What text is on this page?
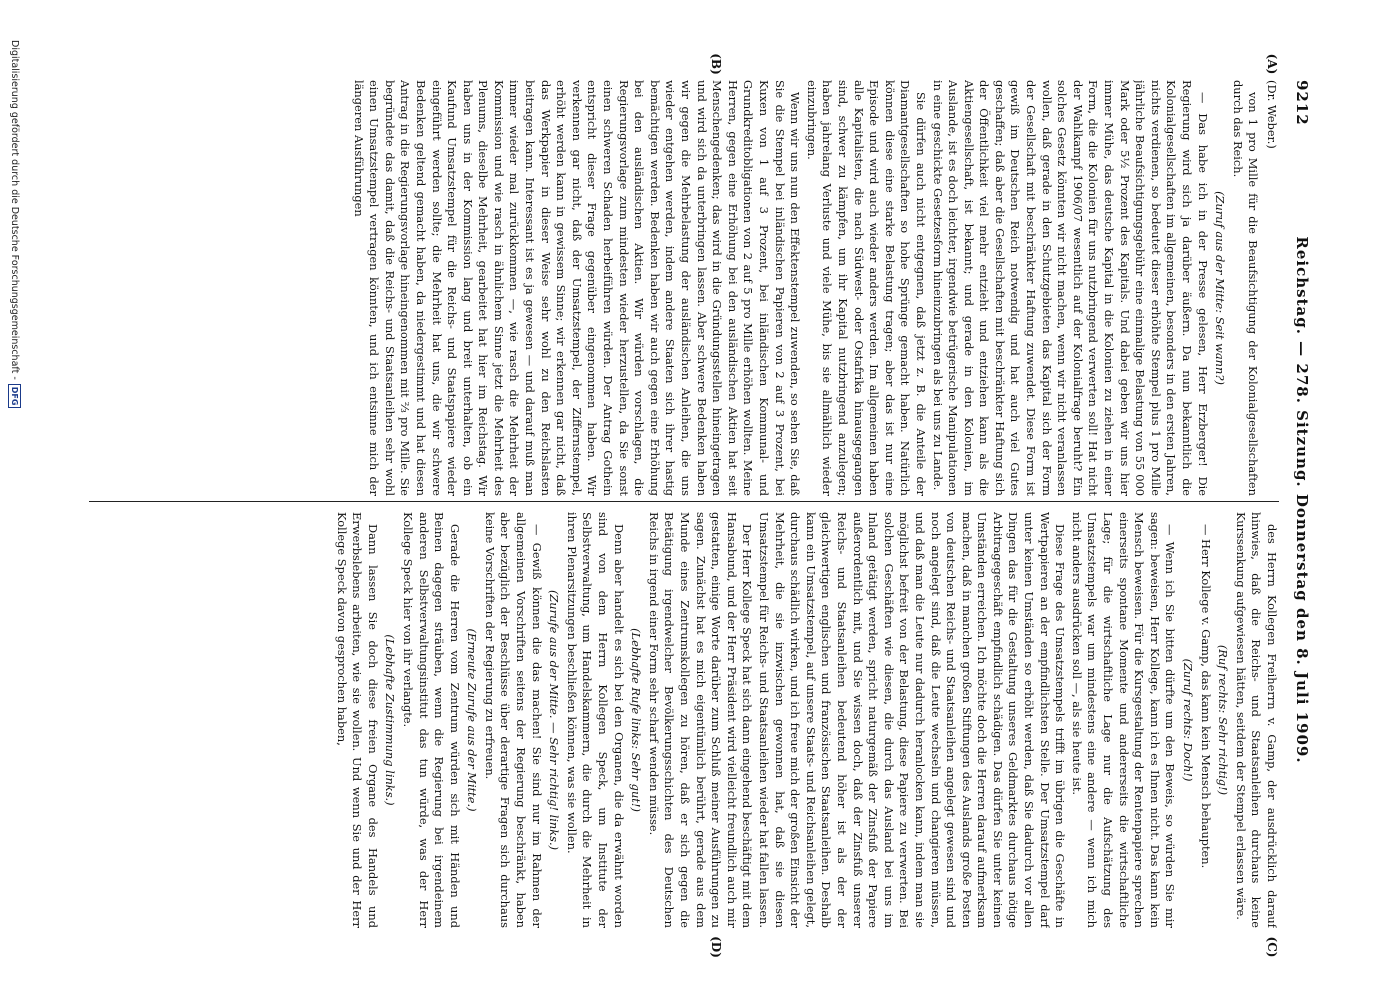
9212
Reichstag. — 278. Sitzung. Donnerstag den 8. Juli 1909.
(A)
(B)
(C)
(D)

(Dr. Weber.)

von 1 pro Mille für die Beaufsichtigung der Kolonialgesellschaften durch das Reich.

(Zuruf aus der Mitte: Seit wann?)

— Das habe ich in der Presse gelesen, Herr Erzberger! Die Regierung wird sich ja darüber äußern. Da nun bekanntlich die Kolonialgesellschaften im allgemeinen, besonders in den ersten Jahren, nichts verdienen, so bedeutet dieser erhöhte Stempel plus 1 pro Mille jährliche Beaufsichtigungsgebühr eine einmalige Belastung von 55 000 Mark oder 5½ Prozent des Kapitals. Und dabei geben wir uns hier immer Mühe, das deutsche Kapital in die Kolonien zu ziehen in einer Form, die die Kolonien für uns nutzbringend verwerten soll! Hat nicht der Wahlkampf 1906/07 wesentlich auf der Kolonialfrage beruht? Ein solches Gesetz könnten wir nicht machen, wenn wir nicht veranlassen wollen, daß gerade in den Schutzgebieten das Kapital sich der Form der Gesellschaft mit beschränkter Haftung zuwendet. Diese Form ist gewiß im Deutschen Reich notwendig und hat auch viel Gutes geschaffen; daß aber die Gesellschaften mit beschränkter Haftung sich der Öffentlichkeit viel mehr entzieht und entziehen kann als die Aktiengesellschaft, ist bekannt; und gerade in den Kolonien, im Auslande, ist es doch leichter, irgendwie betrügerische Manipulationen in eine geschickte Gesetzesform hineinzubringen als bei uns zu Lande.

Sie dürfen auch nicht entgegnen, daß jetzt z. B. die Anteile der Diamantgesellschaften so hohe Sprünge gemacht haben. Natürlich können diese eine starke Belastung tragen; aber das ist nur eine Episode und wird auch wieder anders werden. Im allgemeinen haben alle Kapitalisten, die nach Südwest- oder Ostafrika hinausgegangen sind, schwer zu kämpfen, um ihr Kapital nutzbringend anzulegen; haben jahrelang Verluste und viele Mühe, bis sie allmählich wieder einzubringen.

Wenn wir uns nun den Effektenstempel zuwenden, so sehen Sie, daß Sie die Stempel bei inländischen Papieren von 2 auf 3 Prozent, bei Kuxen von 1 auf 3 Prozent, bei inländischen Kommunal- und Grundkreditobligationen von 2 auf 5 pro Mille erhöhen wollten. Meine Herren, gegen eine Erhöhung bei den ausländischen Aktien hat seit Menschengedenken; das wird in die Gründungsstellen hineingetragen und wird sich da unterbringen lassen. Aber schwere Bedenken haben wir gegen die Mehrbelastung der ausländischen Anleihen, die uns wieder entgehen werden, indem andere Staaten sich ihrer hastig bemächtigen werden. Bedenken haben wir auch gegen eine Erhöhung bei den ausländischen Aktien. Wir würden vorschlagen, die Regierungsvorlage zum mindesten wieder herzustellen, da Sie sonst einen schweren Schaden herbeiführen würden. Der Antrag Gothein entspricht dieser Frage gegenüber eingenommen haben. Wir verkennen gar nicht, daß der Umsatzstempel, der Ziffernstempel, erhöht werden kann in gewissem Sinne; wir erkennen gar nicht, daß das Werkpapier in dieser Weise sehr wohl zu den Reichslasten beitragen kann. Interessant ist es ja gewesen — und darauf muß man immer wieder mal zurückkommen —, wie rasch die Mehrheit der Kommission und wie rasch in ähnlichem Sinne jetzt die Mehrheit des Plenums, dieselbe Mehrheit, gearbeitet hat hier im Reichstag. Wir haben uns in der Kommission lang und breit unterhalten, ob ein Kaufund Umsatzstempel für die Reichs- und Staatspapiere wieder eingeführt werden sollte; die Mehrheit hat uns, die wir schwere Bedenken geltend gemacht haben, da niedergestimmt und hat diesen Antrag in die Regierungsvorlage hineingenommen mit ⅔ pro Mille. Sie begründete das damit, daß die Reichs- und Staatsanleihen sehr wohl einen Umsatzstempel vertragen könnten, und ich entsinne mich der längeren Ausführungen

des Herrn Kollegen Freiherrn v. Gamp, der ausdrücklich darauf hinwies, daß die Reichs- und Staatsanleihen durchaus keine Kurssenkung aufgewiesen hätten, seitdem der Stempel erlassen wäre.

(Ruf rechts: Sehr richtig!)

— Herr Kollege v. Gamp, das kann kein Mensch behaupten.

(Zuruf rechts: Doch!)

— Wenn ich Sie bitten dürfte um den Beweis, so würden Sie mir sagen: beweisen, Herr Kollege, kann ich es Ihnen nicht. Das kann kein Mensch beweisen. Für die Kursgestaltung der Rentenpapiere sprechen einerseits spontane Momente und andererseits die wirtschaftliche Lage; für die wirtschaftliche Lage nur die Aufschätzung des Umsatzstempels war um mindestens eine andere — wenn ich mich nicht anders ausdrücken soll —, als sie heute ist.

Diese Frage des Umsatzstempels trifft im übrigen die Geschäfte in Wertpapieren an der empfindlichsten Stelle. Der Umsatzstempel darf unter keinen Umständen so erhöht werden, daß Sie dadurch vor allen Dingen das für die Gestaltung unseres Geldmarktes durchaus nötige Arbitragegeschäft empfindlich schädigen. Das dürfen Sie unter keinen Umständen erreichen. Ich möchte doch die Herren darauf aufmerksam machen, daß in manchen großen Stiftungen des Auslands große Posten von deutschen Reichs- und Staatsanleihen angelegt gewesen sind und noch angelegt sind, daß die Leute wechseln und changieren müssen, und daß man die Leute nur dadurch heranlocken kann, indem man sie möglichst befreit von der Belastung, diese Papiere zu verwerten. Bei solchen Geschäften wie diesen, die durch das Ausland bei uns im Inland getätigt werden, spricht naturgemäß der Zinsfuß der Papiere außerordentlich mit, und Sie wissen doch, daß der Zinsfuß unserer Reichs- und Staatsanleihen bedeutend höher ist als der der gleichwertigen englischen und französischen Staatsanleihen. Deshalb kann ein Umsatzstempel, auf unsere Staats- und Reichsanleihen gelegt, durchaus schädlich wirken, und ich freue mich der großen Einsicht der Mehrheit, die sie inzwischen gewonnen hat, daß sie diesen Umsatzstempel für Reichs- und Staatsanleihen wieder hat fallen lassen.

Der Herr Kollege Speck hat sich dann eingehend beschäftigt mit dem Hansabund, und der Herr Präsident wird vielleicht freundlich auch mir gestatten, einige Worte darüber zum Schluß meiner Ausführungen zu sagen. Zunächst hat es mich eigentümlich berührt, gerade aus dem Munde eines Zentrumskollegen zu hören, daß er sich gegen die Betätigung irgendwelcher Bevölkerungsschichten des Deutschen Reichs in irgend einer Form sehr scharf wenden müsse.

(Lebhafte Rufe links: Sehr gut!)

Denn aber handelt es sich bei den Organen, die da erwähnt worden sind von dem Herrn Kollegen Speck, um Institute der Selbstverwaltung, um Handelskammern, die durch die Mehrheit in ihren Plenarsitzungen beschließen können, was sie wollen.

(Zurufe aus der Mitte. — Sehr richtig! links.)

— Gewiß können die das machen! Sie sind nur im Rahmen der allgemeinen Vorschriften seitens der Regierung beschränkt, haben aber bezüglich der Beschlüsse über derartige Fragen sich durchaus keine Vorschriften der Regierung zu erfreuen.

(Erneute Zurufe aus der Mitte.)

Gerade die Herren vom Zentrum würden sich mit Händen und Beinen dagegen sträuben, wenn die Regierung bei irgendeinem anderen Selbstverwaltungsinstitut das tun würde, was der Herr Kollege Speck hier von ihr verlangte.

(Lebhafte Zustimmung links.)

Dann lassen Sie doch diese freien Organe des Handels und Erwerbslebens arbeiten, wie sie wollen. Und wenn Sie und der Herr Kollege Speck davon gesprochen haben,

Digitalisierung gefördert durch die Deutsche Forschungsgemeinschaft -
DFG
